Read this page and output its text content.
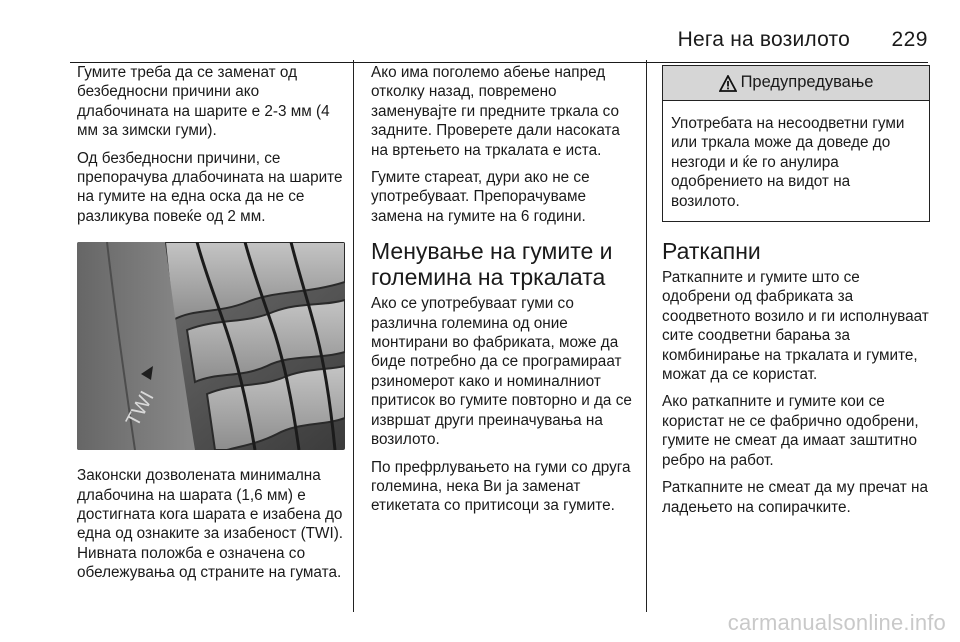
Нега на возилото 229

Гумите треба да се заменат од безбедносни причини ако длабочината на шарите е 2-3 мм (4 мм за зимски гуми).

Од безбедносни причини, се препорачува длабочината на шарите на гумите на една оска да не се разликува повеќе од 2 мм.

TWI

Законски дозволената минимална длабочина на шарата (1,6 мм) е достигната кога шарата е изабена до една од ознаките за изабеност (TWI). Нивната положба е означена со обележувања од страните на гумата.

Ако има поголемо абење напред отколку назад, повремено заменувајте ги предните тркала со задните. Проверете дали насоката на вртењето на тркалата е иста.

Гумите стареат, дури ако не се употребуваат. Препорачуваме замена на гумите на 6 години.

Менување на гумите и големина на тркалата

Ако се употребуваат гуми со различна големина од оние монтирани во фабриката, може да биде потребно да се програмираат рзиномерот како и номиналниот притисок во гумите повторно и да се извршат други преиначувања на возилото.

По префрлувањето на гуми со друга големина, нека Ви ја заменат етикетата со притисоци за гумите.

Предупредување
Употребата на несоодветни гуми или тркала може да доведе до незгоди и ќе го анулира одобрението на видот на возилото.
Раткапни

Раткапните и гумите што се одобрени од фабриката за соодветното возило и ги исполнуваат сите соодветни барања за комбинирање на тркалата и гумите, можат да се користат.

Ако раткапните и гумите кои се користат не се фабрично одобрени, гумите не смеат да имаат заштитно ребро на работ.

Раткапните не смеат да му пречат на ладењето на сопирачките.

carmanualsonline.info
